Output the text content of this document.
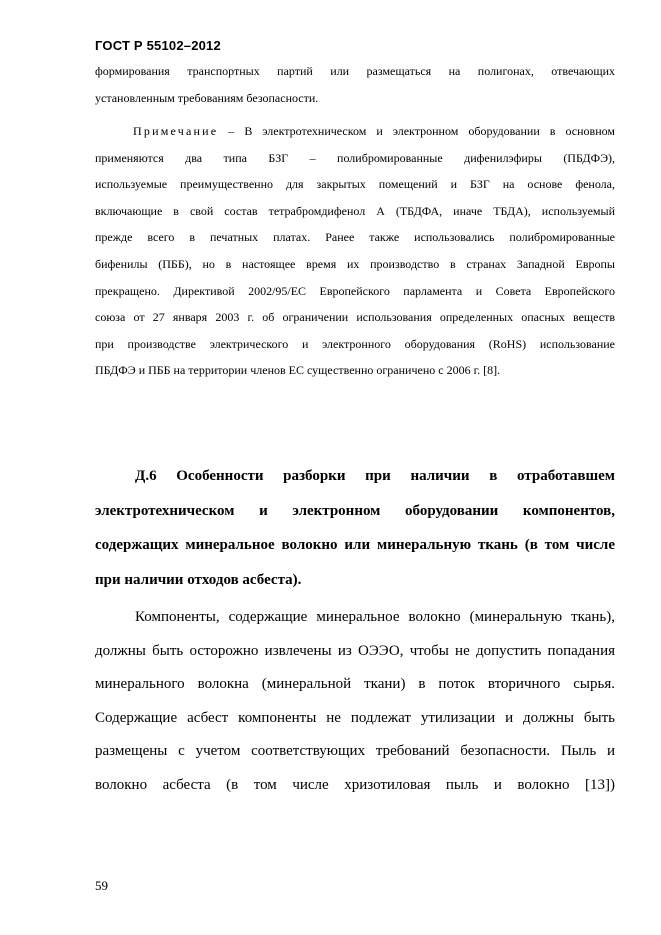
ГОСТ Р 55102–2012

формирования транспортных партий или размещаться на полигонах, отвечающих

установленным требованиям безопасности.

Примечание – В электротехническом и электронном оборудовании в основном

применяются два типа БЗГ – полибромированные дифенилэфиры (ПБДФЭ),

используемые преимущественно для закрытых помещений и БЗГ на основе фенола,

включающие в свой состав тетрабромдифенол А (ТБДФА, иначе ТБДА), используемый

прежде всего в печатных платах. Ранее также использовались полибромированные

бифенилы (ПББ), но в настоящее время их производство в странах Западной Европы

прекращено. Директивой 2002/95/ЕС Европейского парламента и Совета Европейского

союза от 27 января 2003 г. об ограничении использования определенных опасных веществ

при производстве электрического и электронного оборудования (RoHS) использование

ПБДФЭ и ПББ на территории членов ЕС существенно ограничено с 2006 г. [8].

Д.6 Особенности разборки при наличии в отработавшем

электротехническом и электронном оборудовании компонентов,

содержащих минеральное волокно или минеральную ткань (в том числе

при наличии отходов асбеста).

Компоненты, содержащие минеральное волокно (минеральную ткань),

должны быть осторожно извлечены из ОЭЭО, чтобы не допустить попадания

минерального волокна (минеральной ткани) в поток вторичного сырья.

Содержащие асбест компоненты не подлежат утилизации и должны быть

размещены с учетом соответствующих требований безопасности. Пыль и

волокно асбеста (в том числе хризотиловая пыль и волокно [13])

59
